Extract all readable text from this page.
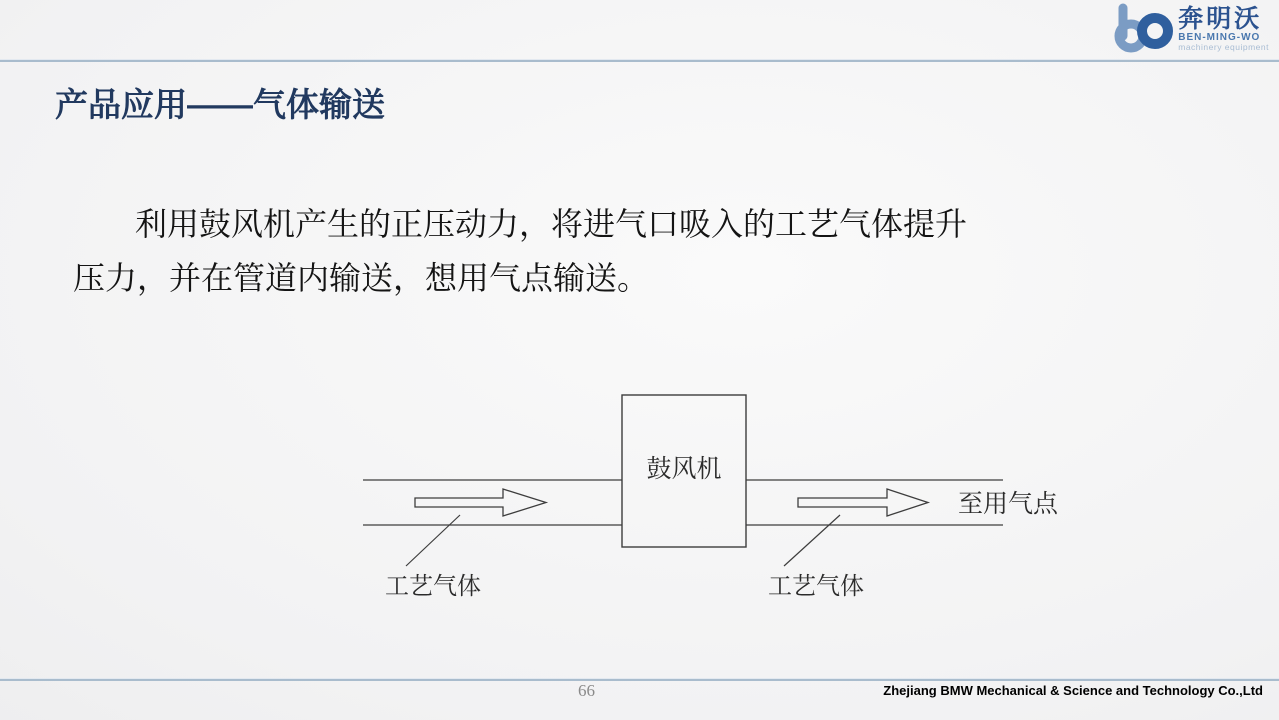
奔明沃
BEN-MING-WO
machinery equipment
产品应用——气体输送
利用鼓风机产生的正压动力，将进气口吸入的工艺气体提升
压力，并在管道内输送，想用气点输送。
鼓风机
至用气点
工艺气体	工艺气体
66	Zhejiang BMW Mechanical & Science and Technology Co.,Ltd
